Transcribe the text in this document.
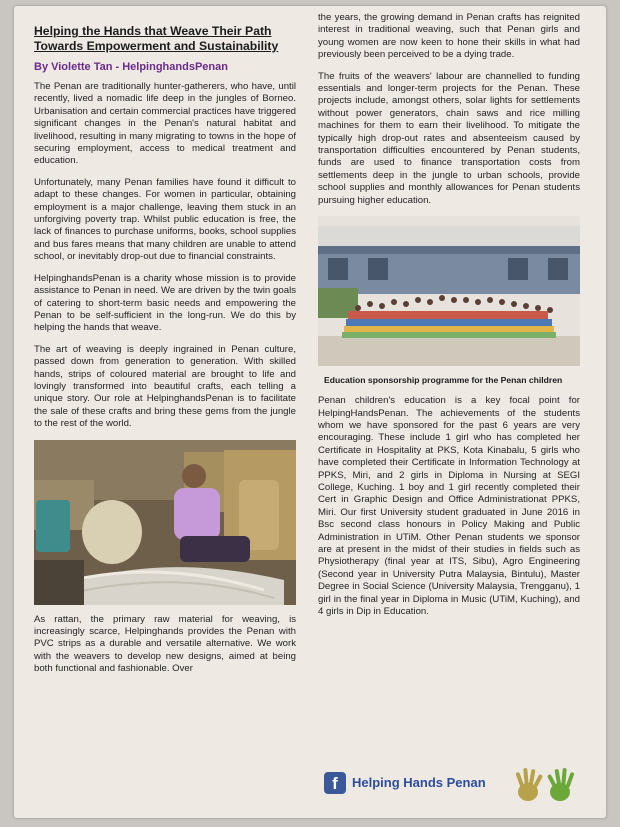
Helping the Hands that Weave Their Path Towards Empowerment and Sustainability
By Violette Tan - HelpinghandsPenan

The Penan are traditionally hunter-gatherers, who have, until recently, lived a nomadic life deep in the jungles of Borneo. Urbanisation and certain commercial practices have triggered significant changes in the Penan's natural habitat and livelihood, resulting in many migrating to towns in the hope of securing employment, access to medical treatment and education.

Unfortunately, many Penan families have found it difficult to adapt to these changes. For women in particular, obtaining employment is a major challenge, leaving them stuck in an unforgiving poverty trap. Whilst public education is free, the lack of finances to purchase uniforms, books, school supplies and bus fares means that many children are unable to attend school, or inevitably drop-out due to financial constraints.

HelpinghandsPenan is a charity whose mission is to provide assistance to Penan in need. We are driven by the twin goals of catering to short-term basic needs and empowering the Penan to be self-sufficient in the long-run. We do this by helping the hands that weave.

The art of weaving is deeply ingrained in Penan culture, passed down from generation to generation. With skilled hands, strips of coloured material are brought to life and lovingly transformed into beautiful crafts, each telling a unique story. Our role at HelpinghandsPenan is to facilitate the sale of these crafts and bring these gems from the jungle to the rest of the world.

As rattan, the primary raw material for weaving, is increasingly scarce, Helpinghands provides the Penan with PVC strips as a durable and versatile alternative. We work with the weavers to develop new designs, aimed at being both functional and fashionable. Over

the years, the growing demand in Penan crafts has reignited interest in traditional weaving, such that Penan girls and young women are now keen to hone their skills in what had previously been perceived to be a dying trade.

The fruits of the weavers' labour are channelled to funding essentials and longer-term projects for the Penan. These projects include, amongst others, solar lights for settlements without power generators, chain saws and rice milling machines for them to earn their livelihood. To mitigate the typically high drop-out rates and absenteeism caused by transportation difficulties encountered by Penan students, funds are used to finance transportation costs from settlements deep in the jungle to urban schools, provide school supplies and monthly allowances for Penan students pursuing higher education.

Education sponsorship programme for the Penan children

Penan children's education is a key focal point for HelpingHandsPenan. The achievements of the students whom we have sponsored for the past 6 years are very encouraging. These include 1 girl who has completed her Certificate in Hospitality at PKS, Kota Kinabalu, 5 girls who have completed their Certificate in Information Technology at PPKS, Miri, and 2 girls in Diploma in Nursing at SEGI College, Kuching. 1 boy and 1 girl recently completed their Cert in Graphic Design and Office Administrationat PPKS, Miri. Our first University student graduated in June 2016 in Bsc second class honours in Policy Making and Public Administration in UTiM. Other Penan students we sponsor are at present in the midst of their studies in fields such as Physiotherapy (final year at ITS, Sibu), Agro Engineering (Second year in University Putra Malaysia, Bintulu), Master Degree in Social Science (University Malaysia, Trengganu), 1 girl in the final year in Diploma in Music (UTiM, Kuching), and 4 girls in Dip in Education.

f	Helping Hands Penan
